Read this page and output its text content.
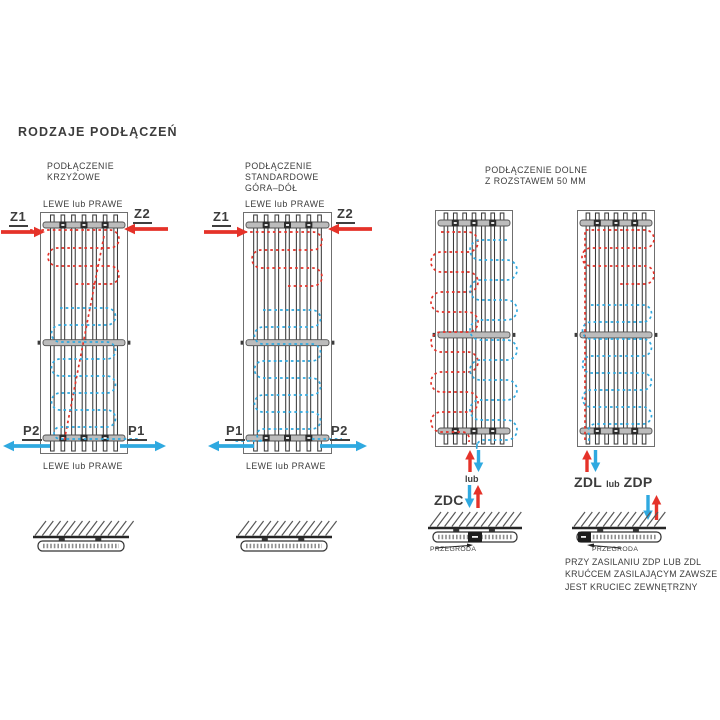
RODZAJE PODŁĄCZEŃ
PODŁĄCZENIE
KRZYŻOWE
LEWE lub PRAWE
Z1	Z2
P2	P1
LEWE lub PRAWE
PODŁĄCZENIE
STANDARDOWE
GÓRA–DÓŁ
LEWE lub PRAWE
Z1	Z2
P1	P2
LEWE lub PRAWE
PODŁĄCZENIE DOLNE
Z ROZSTAWEM 50 MM
lub
ZDC
ZDL lub ZDP
PRZEGRODA	PRZEGRODA
PRZY ZASILANIU ZDP LUB ZDL
KRUĆCEM ZASILAJĄCYM ZAWSZE
JEST KRUCIEC ZEWNĘTRZNY
